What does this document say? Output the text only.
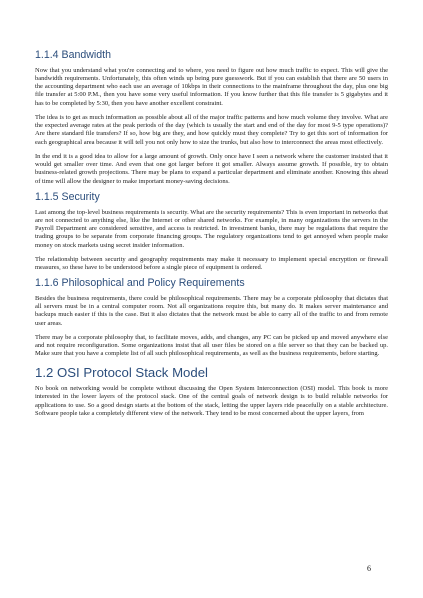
1.1.4 Bandwidth

Now that you understand what you're connecting and to where, you need to figure out how much traffic to expect. This will give the bandwidth requirements. Unfortunately, this often winds up being pure guesswork. But if you can establish that there are 50 users in the accounting department who each use an average of 10kbps in their connections to the mainframe throughout the day, plus one big file transfer at 5:00 P.M., then you have some very useful information. If you know further that this file transfer is 5 gigabytes and it has to be completed by 5:30, then you have another excellent constraint.

The idea is to get as much information as possible about all of the major traffic patterns and how much volume they involve. What are the expected average rates at the peak periods of the day (which is usually the start and end of the day for most 9-5 type operations)? Are there standard file transfers? If so, how big are they, and how quickly must they complete? Try to get this sort of information for each geographical area because it will tell you not only how to size the trunks, but also how to interconnect the areas most effectively.

In the end it is a good idea to allow for a large amount of growth. Only once have I seen a network where the customer insisted that it would get smaller over time. And even that one got larger before it got smaller. Always assume growth. If possible, try to obtain business-related growth projections. There may be plans to expand a particular department and eliminate another. Knowing this ahead of time will allow the designer to make important money-saving decisions.

1.1.5 Security

Last among the top-level business requirements is security. What are the security requirements? This is even important in networks that are not connected to anything else, like the Internet or other shared networks. For example, in many organizations the servers in the Payroll Department are considered sensitive, and access is restricted. In investment banks, there may be regulations that require the trading groups to be separate from corporate financing groups. The regulatory organizations tend to get annoyed when people make money on stock markets using secret insider information.

The relationship between security and geography requirements may make it necessary to implement special encryption or firewall measures, so these have to be understood before a single piece of equipment is ordered.

1.1.6 Philosophical and Policy Requirements

Besides the business requirements, there could be philosophical requirements. There may be a corporate philosophy that dictates that all servers must be in a central computer room. Not all organizations require this, but many do. It makes server maintenance and backups much easier if this is the case. But it also dictates that the network must be able to carry all of the traffic to and from remote user areas.

There may be a corporate philosophy that, to facilitate moves, adds, and changes, any PC can be picked up and moved anywhere else and not require reconfiguration. Some organizations insist that all user files be stored on a file server so that they can be backed up. Make sure that you have a complete list of all such philosophical requirements, as well as the business requirements, before starting.

1.2 OSI Protocol Stack Model

No book on networking would be complete without discussing the Open System Interconnection (OSI) model. This book is more interested in the lower layers of the protocol stack. One of the central goals of network design is to build reliable networks for applications to use. So a good design starts at the bottom of the stack, letting the upper layers ride peacefully on a stable architecture. Software people take a completely different view of the network. They tend to be most concerned about the upper layers, from

6
